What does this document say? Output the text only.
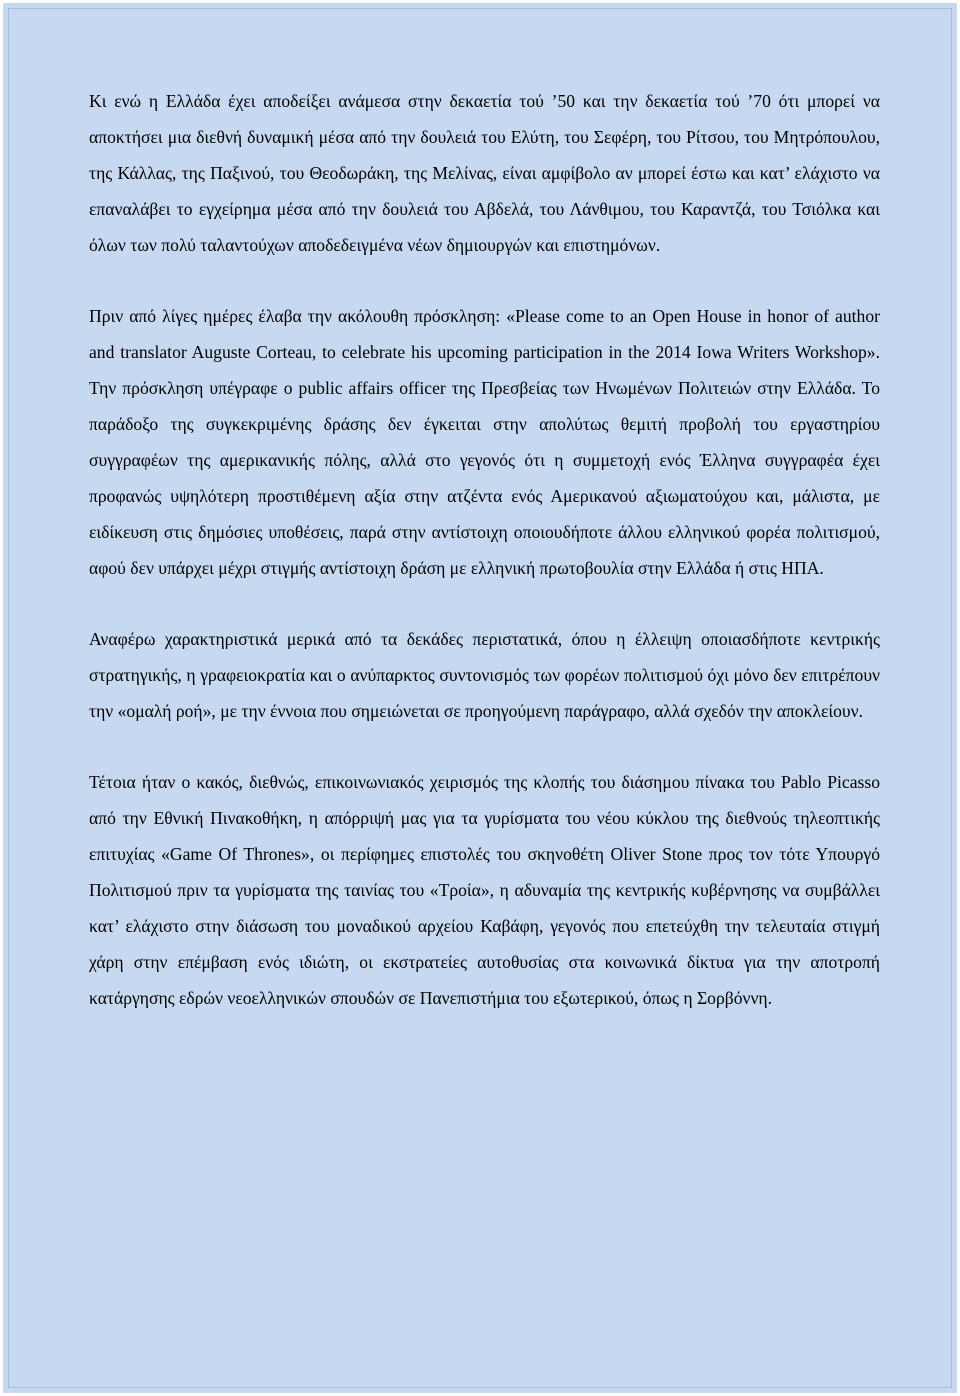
Κι ενώ η Ελλάδα έχει αποδείξει ανάμεσα στην δεκαετία τού ’50 και την δεκαετία τού ’70 ότι μπορεί να αποκτήσει μια διεθνή δυναμική μέσα από την δουλειά του Ελύτη, του Σεφέρη, του Ρίτσου, του Μητρόπουλου, της Κάλλας, της Παξινού, του Θεοδωράκη, της Μελίνας, είναι αμφίβολο αν μπορεί έστω και κατ’ ελάχιστο να επαναλάβει το εγχείρημα μέσα από την δουλειά του Αβδελά, του Λάνθιμου, του Καραντζά, του Τσιόλκα και όλων των πολύ ταλαντούχων αποδεδειγμένα νέων δημιουργών και επιστημόνων.

Πριν από λίγες ημέρες έλαβα την ακόλουθη πρόσκληση: «Please come to an Open House in honor of author and translator Auguste Corteau, to celebrate his upcoming participation in the 2014 Iowa Writers Workshop». Την πρόσκληση υπέγραφε ο public affairs officer της Πρεσβείας των Ηνωμένων Πολιτειών στην Ελλάδα. Το παράδοξο της συγκεκριμένης δράσης δεν έγκειται στην απολύτως θεμιτή προβολή του εργαστηρίου συγγραφέων της αμερικανικής πόλης, αλλά στο γεγονός ότι η συμμετοχή ενός Έλληνα συγγραφέα έχει προφανώς υψηλότερη προστιθέμενη αξία στην ατζέντα ενός Αμερικανού αξιωματούχου και, μάλιστα, με ειδίκευση στις δημόσιες υποθέσεις, παρά στην αντίστοιχη οποιουδήποτε άλλου ελληνικού φορέα πολιτισμού, αφού δεν υπάρχει μέχρι στιγμής αντίστοιχη δράση με ελληνική πρωτοβουλία στην Ελλάδα ή στις ΗΠΑ.

Αναφέρω χαρακτηριστικά μερικά από τα δεκάδες περιστατικά, όπου η έλλειψη οποιασδήποτε κεντρικής στρατηγικής, η γραφειοκρατία και ο ανύπαρκτος συντονισμός των φορέων πολιτισμού όχι μόνο δεν επιτρέπουν την «ομαλή ροή», με την έννοια που σημειώνεται σε προηγούμενη παράγραφο, αλλά σχεδόν την αποκλείουν.

Τέτοια ήταν ο κακός, διεθνώς, επικοινωνιακός χειρισμός της κλοπής του διάσημου πίνακα του Pablo Picasso από την Εθνική Πινακοθήκη, η απόρριψή μας για τα γυρίσματα του νέου κύκλου της διεθνούς τηλεοπτικής επιτυχίας «Game Of Thrones», οι περίφημες επιστολές του σκηνοθέτη Oliver Stone προς τον τότε Υπουργό Πολιτισμού πριν τα γυρίσματα της ταινίας του «Τροία», η αδυναμία της κεντρικής κυβέρνησης να συμβάλλει κατ’ ελάχιστο στην διάσωση του μοναδικού αρχείου Καβάφη, γεγονός που επετεύχθη την τελευταία στιγμή χάρη στην επέμβαση ενός ιδιώτη, οι εκστρατείες αυτοθυσίας στα κοινωνικά δίκτυα για την αποτροπή κατάργησης εδρών νεοελληνικών σπουδών σε Πανεπιστήμια του εξωτερικού, όπως η Σορβόννη.
